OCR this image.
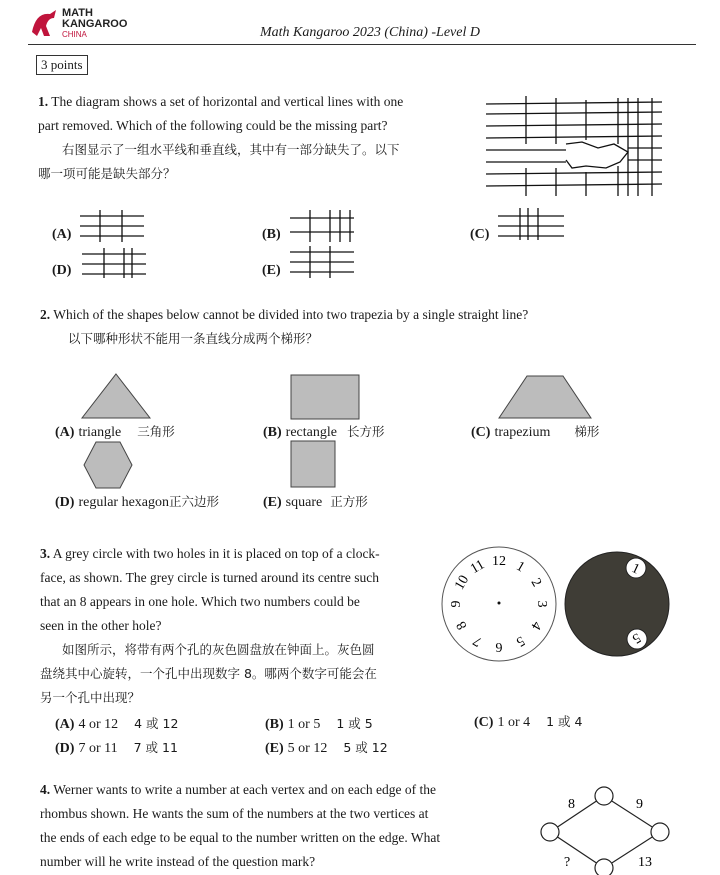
MATH
KANGAROO
CHINA	Math Kangaroo 2023 (China) -Level D
3 points
1. The diagram shows a set of horizontal and vertical lines with one
part removed. Which of the following could be the missing part?
右图显示了一组水平线和垂直线，其中有一部分缺失了。以下
哪一项可能是缺失部分？
(A)	(B)	(C)
(D)	(E)
2. Which of the shapes below cannot be divided into two trapezia by a single straight line?
以下哪种形状不能用一条直线分成两个梯形？
(A) triangle 三角形	(B) rectangle 长方形	(C) trapezium 梯形
(D) regular hexagon正六边形	(E) square 正方形
3. A grey circle with two holes in it is placed on top of a clock-
face, as shown. The grey circle is turned around its centre such
that an 8 appears in one hole. Which two numbers could be
seen in the other hole?
如图所示，将带有两个孔的灰色圆盘放在钟面上。灰色圆
盘绕其中心旋转，一个孔中出现数字 8。哪两个数字可能会在
另一个孔中出现？
12 1
2
3
4
5
6
7
8
9
10
11	1
5
(A) 4 or 12 4 或 12	(B) 1 or 5 1 或 5	(C) 1 or 4 1 或 4
(D) 7 or 11 7 或 11	(E) 5 or 12 5 或 12
4. Werner wants to write a number at each vertex and on each edge of the
rhombus shown. He wants the sum of the numbers at the two vertices at
the ends of each edge to be equal to the number written on the edge. What
number will he write instead of the question mark?
8	9
?	13
